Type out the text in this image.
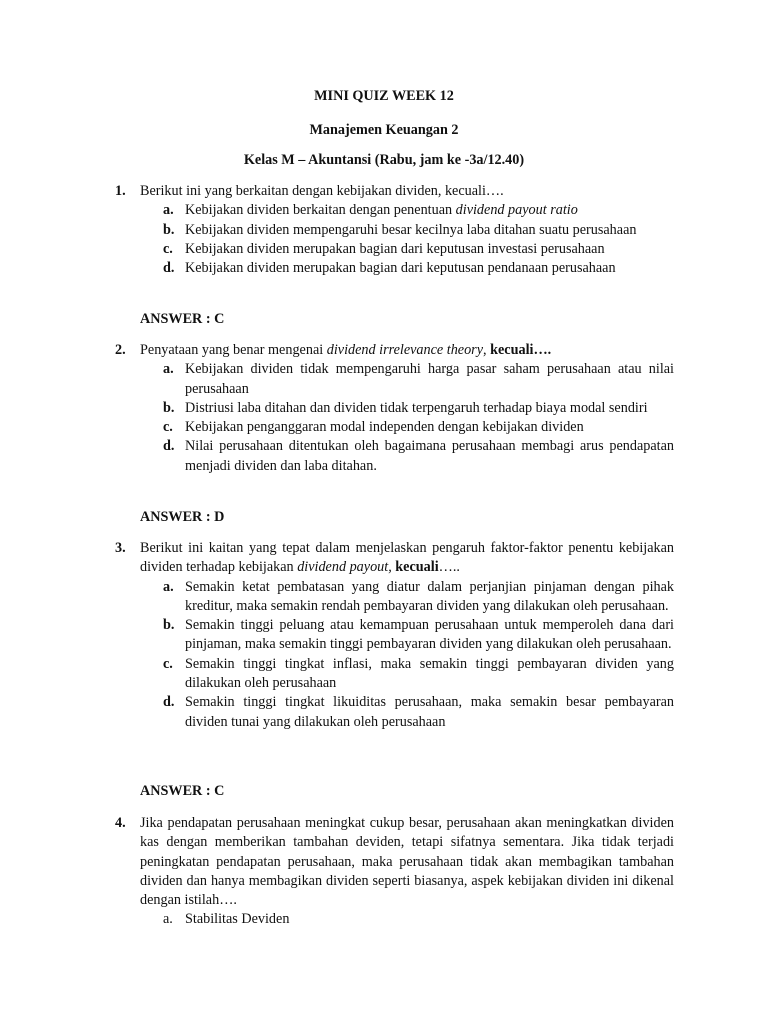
MINI QUIZ WEEK 12
Manajemen Keuangan 2
Kelas M – Akuntansi (Rabu, jam ke -3a/12.40)
1. Berikut ini yang berkaitan dengan kebijakan dividen, kecuali….
a. Kebijakan dividen berkaitan dengan penentuan dividend payout ratio
b. Kebijakan dividen mempengaruhi besar kecilnya laba ditahan suatu perusahaan
c. Kebijakan dividen merupakan bagian dari keputusan investasi perusahaan
d. Kebijakan dividen merupakan bagian dari keputusan pendanaan perusahaan
ANSWER : C
2. Penyataan yang benar mengenai dividend irrelevance theory, kecuali….
a. Kebijakan dividen tidak mempengaruhi harga pasar saham perusahaan atau nilai perusahaan
b. Distriusi laba ditahan dan dividen tidak terpengaruh terhadap biaya modal sendiri
c. Kebijakan penganggaran modal independen dengan kebijakan dividen
d. Nilai perusahaan ditentukan oleh bagaimana perusahaan membagi arus pendapatan menjadi dividen dan laba ditahan.
ANSWER : D
3. Berikut ini kaitan yang tepat dalam menjelaskan pengaruh faktor-faktor penentu kebijakan dividen terhadap kebijakan dividend payout, kecuali…..
a. Semakin ketat pembatasan yang diatur dalam perjanjian pinjaman dengan pihak kreditur, maka semakin rendah pembayaran dividen yang dilakukan oleh perusahaan.
b. Semakin tinggi peluang atau kemampuan perusahaan untuk memperoleh dana dari pinjaman, maka semakin tinggi pembayaran dividen yang dilakukan oleh perusahaan.
c. Semakin tinggi tingkat inflasi, maka semakin tinggi pembayaran dividen yang dilakukan oleh perusahaan
d. Semakin tinggi tingkat likuiditas perusahaan, maka semakin besar pembayaran dividen tunai yang dilakukan oleh perusahaan
ANSWER : C
4. Jika pendapatan perusahaan meningkat cukup besar, perusahaan akan meningkatkan dividen kas dengan memberikan tambahan deviden, tetapi sifatnya sementara. Jika tidak terjadi peningkatan pendapatan perusahaan, maka perusahaan tidak akan membagikan tambahan dividen dan hanya membagikan dividen seperti biasanya, aspek kebijakan dividen ini dikenal dengan istilah….
a. Stabilitas Deviden
